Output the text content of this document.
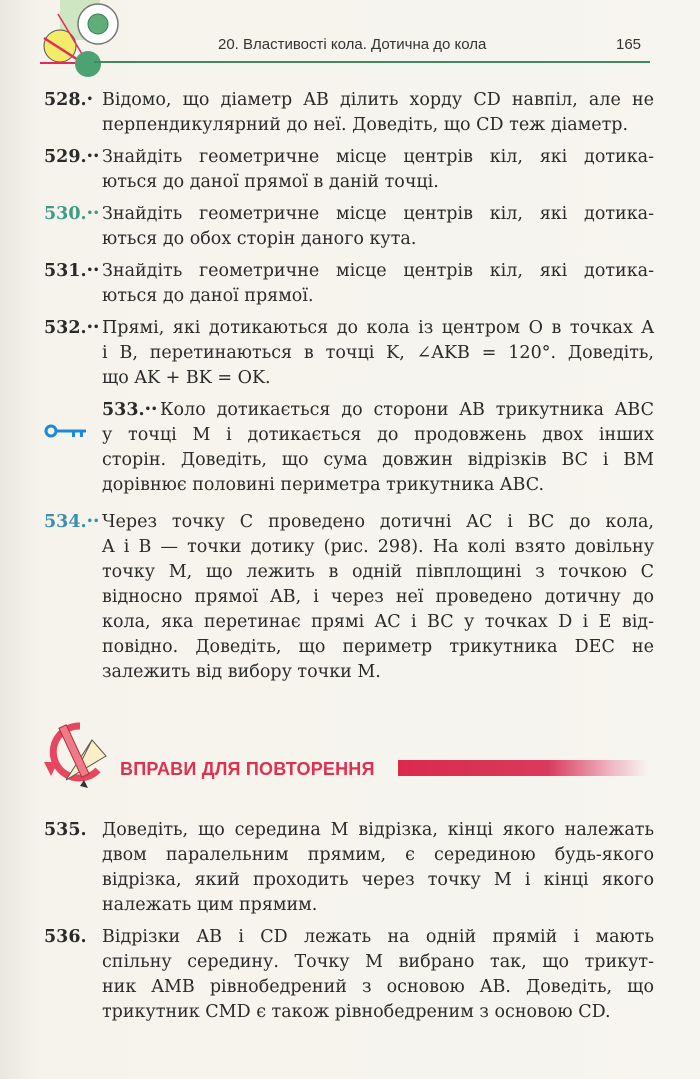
20. Властивості кола. Дотична до кола	165
528.• Відомо, що діаметр AB ділить хорду CD навпіл, але не
перпендикулярний до неї. Доведіть, що CD теж діаметр.
529.•• Знайдіть геометричне місце центрів кіл, які дотика-
ються до даної прямої в даній точці.
530.•• Знайдіть геометричне місце центрів кіл, які дотика-
ються до обох сторін даного кута.
531.•• Знайдіть геометричне місце центрів кіл, які дотика-
ються до даної прямої.
532.•• Прямі, які дотикаються до кола із центром O в точках A
і B, перетинаються в точці K, ∠AKB = 120°. Доведіть,
що AK + BK = OK.
533.•• Коло дотикається до сторони AB трикутника ABC
у точці M і дотикається до продовжень двох інших
сторін. Доведіть, що сума довжин відрізків BC і BM
дорівнює половині периметра трикутника ABC.
534.•• Через точку C проведено дотичні AC і BC до кола,
A і B — точки дотику (рис. 298). На колі взято довільну
точку M, що лежить в одній півплощині з точкою C
відносно прямої AB, і через неї проведено дотичну до
кола, яка перетинає прямі AC і BC у точках D і E від-
повідно. Доведіть, що периметр трикутника DEC не
залежить від вибору точки M.
ВПРАВИ ДЛЯ ПОВТОРЕННЯ
535. Доведіть, що середина M відрізка, кінці якого належать
двом паралельним прямим, є серединою будь-якого
відрізка, який проходить через точку M і кінці якого
належать цим прямим.
536. Відрізки AB і CD лежать на одній прямій і мають
спільну середину. Точку M вибрано так, що трикут-
ник AMB рівнобедрений з основою AB. Доведіть, що
трикутник CMD є також рівнобедреним з основою CD.
